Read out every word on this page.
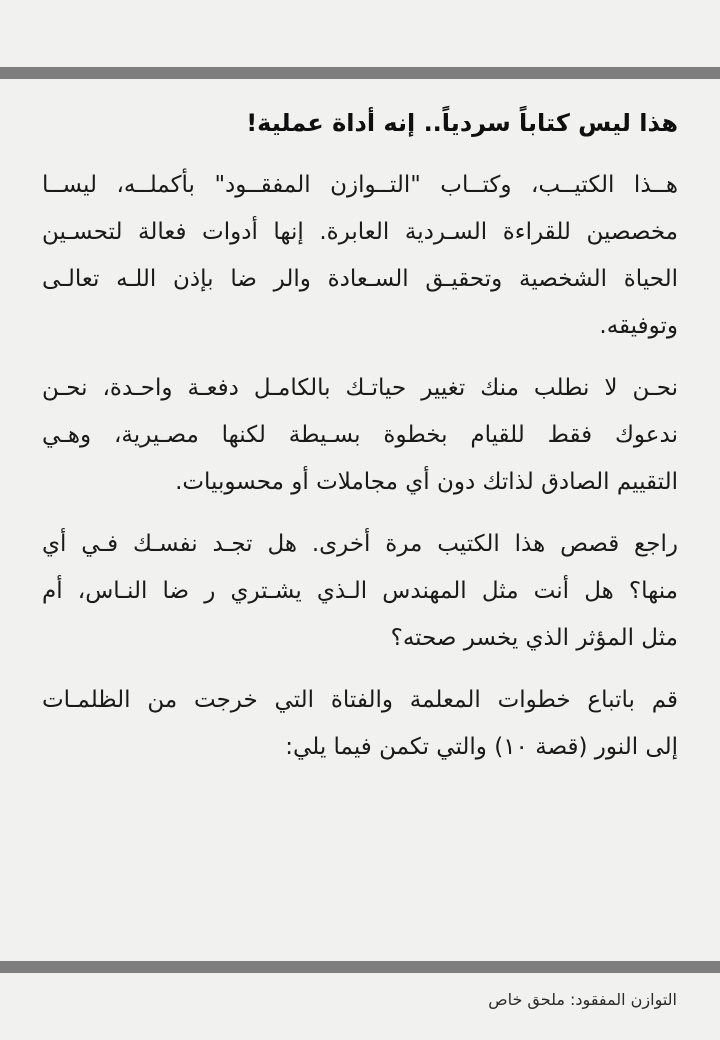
هذا ليس كتاباً سردياً.. إنه أداة عملية!
هــذا الكتيــب، وكتــاب "التــوازن المفقــود" بأكملــه، ليســا
مخصصين للقراءة السـردية العابرة. إنها أدوات فعالة لتحسـين
الحياة الشخصية وتحقيـق السـعادة والر ضا بإذن اللـه تعالـى
وتوفيقه.
نحـن لا نطلب منك تغيير حياتـك بالكامـل دفعـة واحـدة، نحـن
ندعوك فقط للقيام بخطوة بسـيطة لكنها مصـيرية، وهـي
التقييم الصادق لذاتك دون أي مجاملات أو محسوبيات.
راجع قصص هذا الكتيب مرة أخرى. هل تجـد نفسـك فـي أي
منها؟ هل أنت مثل المهندس الـذي يشـتري ر ضا النـاس، أم
مثل المؤثر الذي يخسر صحته؟
قم باتباع خطوات المعلمة والفتاة التي خرجت من الظلمـات
إلى النور (قصة ١٠) والتي تكمن فيما يلي:
التوازن المفقود: ملحق خاص
